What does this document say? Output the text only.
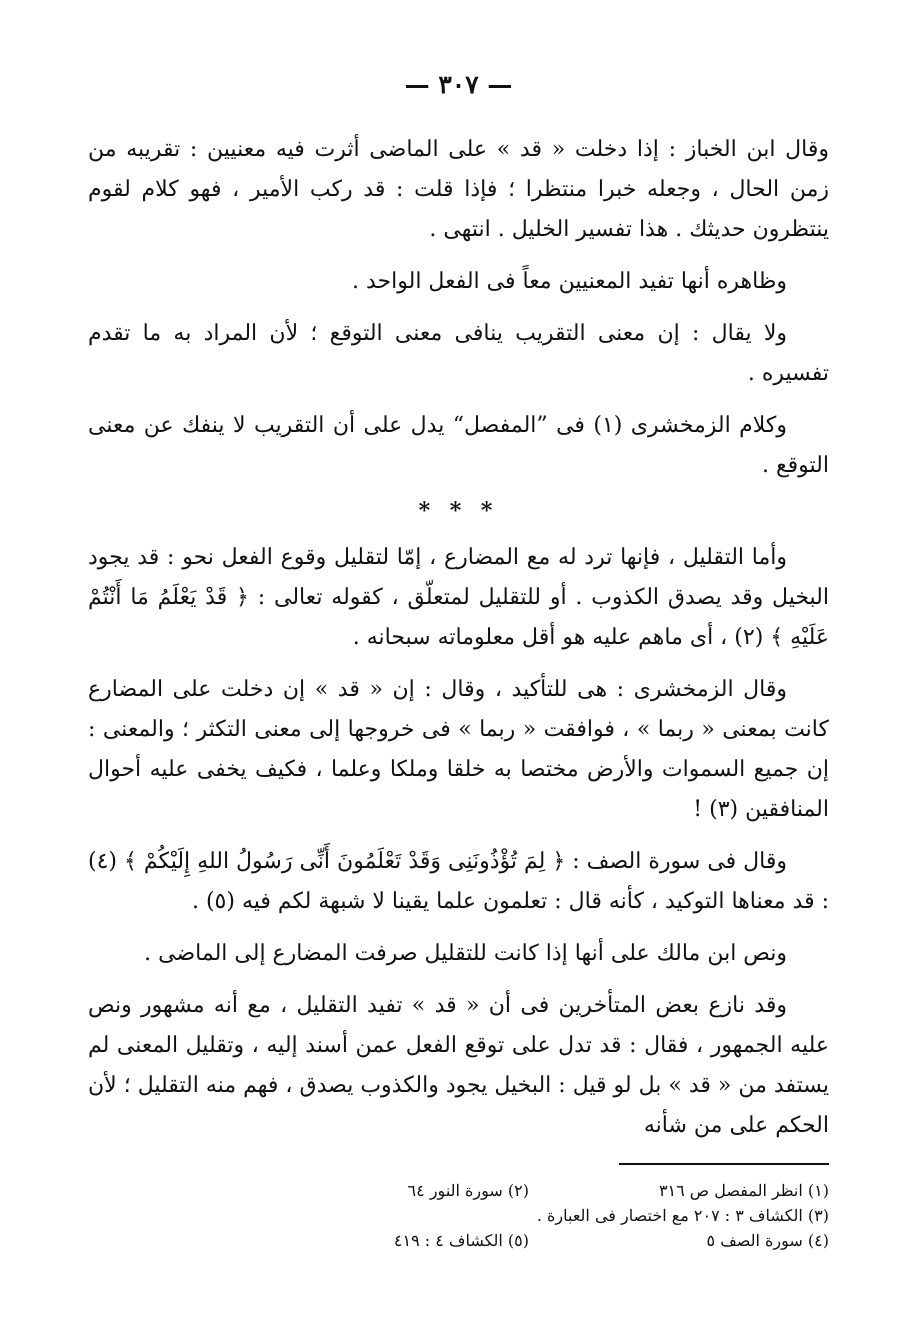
— ٣٠٧ —

وقال ابن الخباز : إذا دخلت « قد » على الماضى أثرت فيه معنيين : تقريبه من زمن الحال ، وجعله خبرا منتظرا ؛ فإذا قلت : قد ركب الأمير ، فهو كلام لقوم ينتظرون حديثك . هذا تفسير الخليل . انتهى .

وظاهره أنها تفيد المعنيين معاً فى الفعل الواحد .

ولا يقال : إن معنى التقريب ينافى معنى التوقع ؛ لأن المراد به ما تقدم تفسيره .

وكلام الزمخشرى (١) فى ”المفصل“ يدل على أن التقريب لا ينفك عن معنى التوقع .

* * *

وأما التقليل ، فإنها ترد له مع المضارع ، إمّا لتقليل وقوع الفعل نحو : قد يجود البخيل وقد يصدق الكذوب . أو للتقليل لمتعلّق ، كقوله تعالى : ﴿ قَدْ يَعْلَمُ مَا أَنْتُمْ عَلَيْهِ ﴾ (٢) ، أى ماهم عليه هو أقل معلوماته سبحانه .

وقال الزمخشرى : هى للتأكيد ، وقال : إن « قد » إن دخلت على المضارع كانت بمعنى « ربما » ، فوافقت « ربما » فى خروجها إلى معنى التكثر ؛ والمعنى : إن جميع السموات والأرض مختصا به خلقا وملكا وعلما ، فكيف يخفى عليه أحوال المنافقين (٣) !

وقال فى سورة الصف : ﴿ لِمَ تُؤْذُونَنِى وَقَدْ تَعْلَمُونَ أَنِّى رَسُولُ اللهِ إِلَيْكُمْ ﴾ (٤) : قد معناها التوكيد ، كأنه قال : تعلمون علما يقينا لا شبهة لكم فيه (٥) .

ونص ابن مالك على أنها إذا كانت للتقليل صرفت المضارع إلى الماضى .

وقد نازع بعض المتأخرين فى أن « قد » تفيد التقليل ، مع أنه مشهور ونص عليه الجمهور ، فقال : قد تدل على توقع الفعل عمن أسند إليه ، وتقليل المعنى لم يستفد من « قد » بل لو قيل : البخيل يجود والكذوب يصدق ، فهم منه التقليل ؛ لأن الحكم على من شأنه

(١) انظر المفصل ص ٣١٦
(٢) سورة النور ٦٤
(٣) الكشاف ٣ : ٢٠٧ مع اختصار فى العبارة .
(٤) سورة الصف ٥
(٥) الكشاف ٤ : ٤١٩
